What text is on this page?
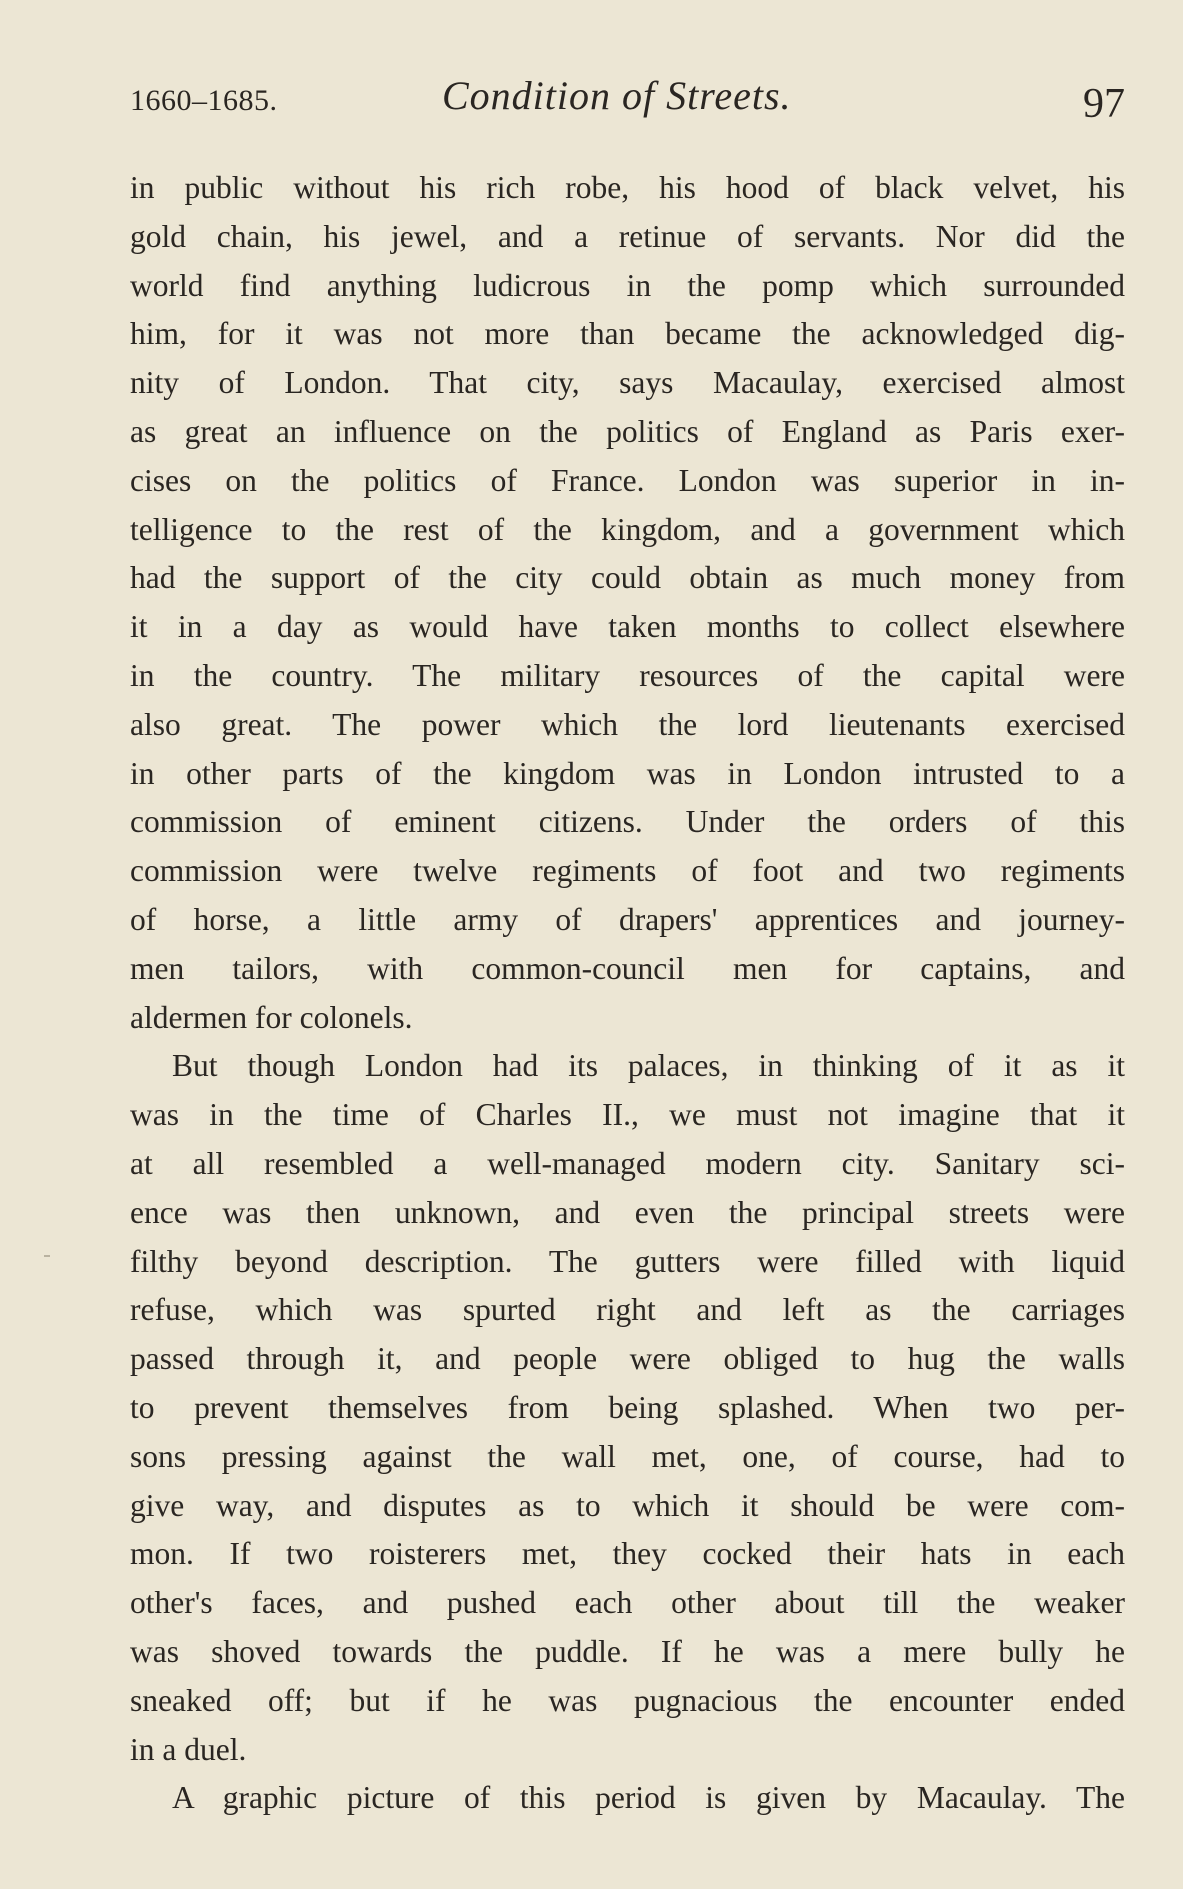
1660–1685.	Condition of Streets.	97
in public without his rich robe, his hood of black velvet, his
gold chain, his jewel, and a retinue of servants. Nor did the
world find anything ludicrous in the pomp which surrounded
him, for it was not more than became the acknowledged dig-
nity of London. That city, says Macaulay, exercised almost
as great an influence on the politics of England as Paris exer-
cises on the politics of France. London was superior in in-
telligence to the rest of the kingdom, and a government which
had the support of the city could obtain as much money from
it in a day as would have taken months to collect elsewhere
in the country. The military resources of the capital were
also great. The power which the lord lieutenants exercised
in other parts of the kingdom was in London intrusted to a
commission of eminent citizens. Under the orders of this
commission were twelve regiments of foot and two regiments
of horse, a little army of drapers' apprentices and journey-
men tailors, with common-council men for captains, and
aldermen for colonels.
But though London had its palaces, in thinking of it as it
was in the time of Charles II., we must not imagine that it
at all resembled a well-managed modern city. Sanitary sci-
ence was then unknown, and even the principal streets were
filthy beyond description. The gutters were filled with liquid
refuse, which was spurted right and left as the carriages
passed through it, and people were obliged to hug the walls
to prevent themselves from being splashed. When two per-
sons pressing against the wall met, one, of course, had to
give way, and disputes as to which it should be were com-
mon. If two roisterers met, they cocked their hats in each
other's faces, and pushed each other about till the weaker
was shoved towards the puddle. If he was a mere bully he
sneaked off; but if he was pugnacious the encounter ended
in a duel.
A graphic picture of this period is given by Macaulay. The
